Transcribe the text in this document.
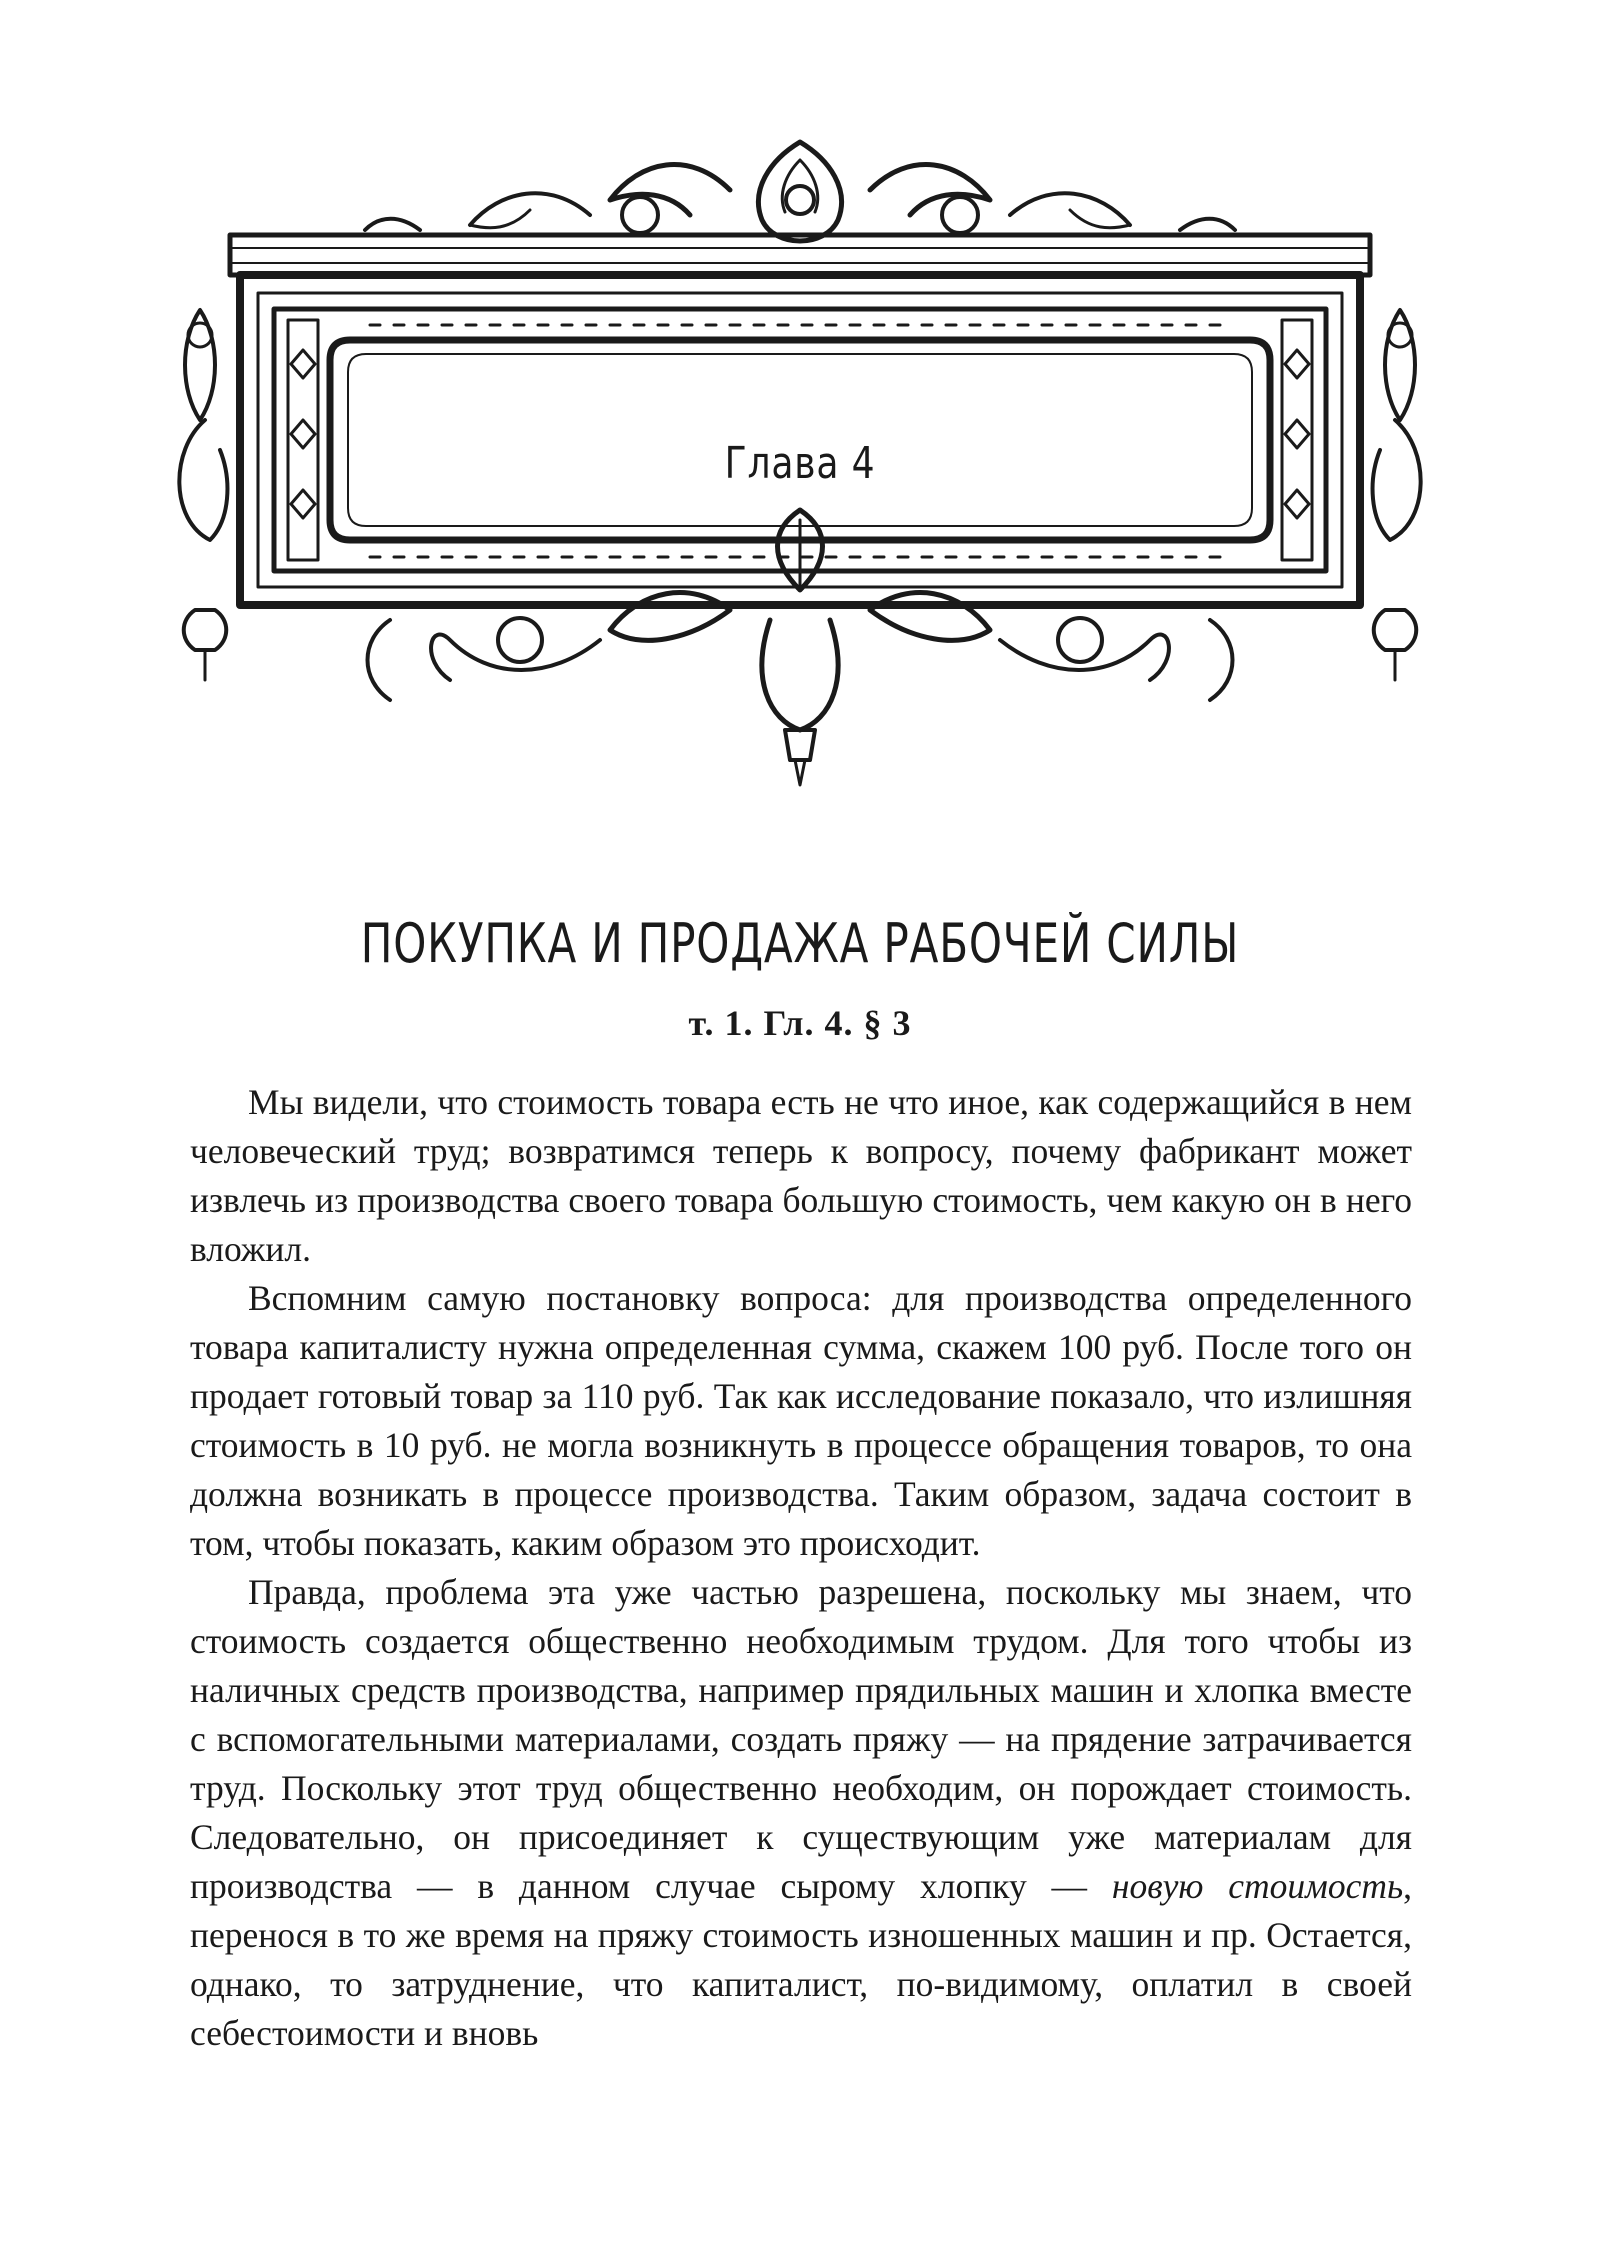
Глава 4
ПОКУПКА И ПРОДАЖА РАБОЧЕЙ СИЛЫ
т. 1. Гл. 4. § 3

Мы видели, что стоимость товара есть не что иное, как содержащийся в нем человеческий труд; возвратимся теперь к вопросу, почему фабрикант может извлечь из производства своего товара большую стоимость, чем какую он в него вложил.

Вспомним самую постановку вопроса: для производства определенного товара капиталисту нужна определенная сумма, скажем 100 руб. После того он продает готовый товар за 110 руб. Так как исследование показало, что излишняя стоимость в 10 руб. не могла возникнуть в процессе обращения товаров, то она должна возникать в процессе производства. Таким образом, задача состоит в том, чтобы показать, каким образом это происходит.

Правда, проблема эта уже частью разрешена, поскольку мы знаем, что стоимость создается общественно необходимым трудом. Для того чтобы из наличных средств производства, например прядильных машин и хлопка вместе с вспомогательными материалами, создать пряжу — на прядение затрачивается труд. Поскольку этот труд общественно необходим, он порождает стоимость. Следовательно, он присоединяет к существующим уже материалам для производства — в данном случае сырому хлопку — новую стоимость, перенося в то же время на пряжу стоимость изношенных машин и пр. Остается, однако, то затруднение, что капиталист, по-видимому, оплатил в своей себестоимости и вновь
